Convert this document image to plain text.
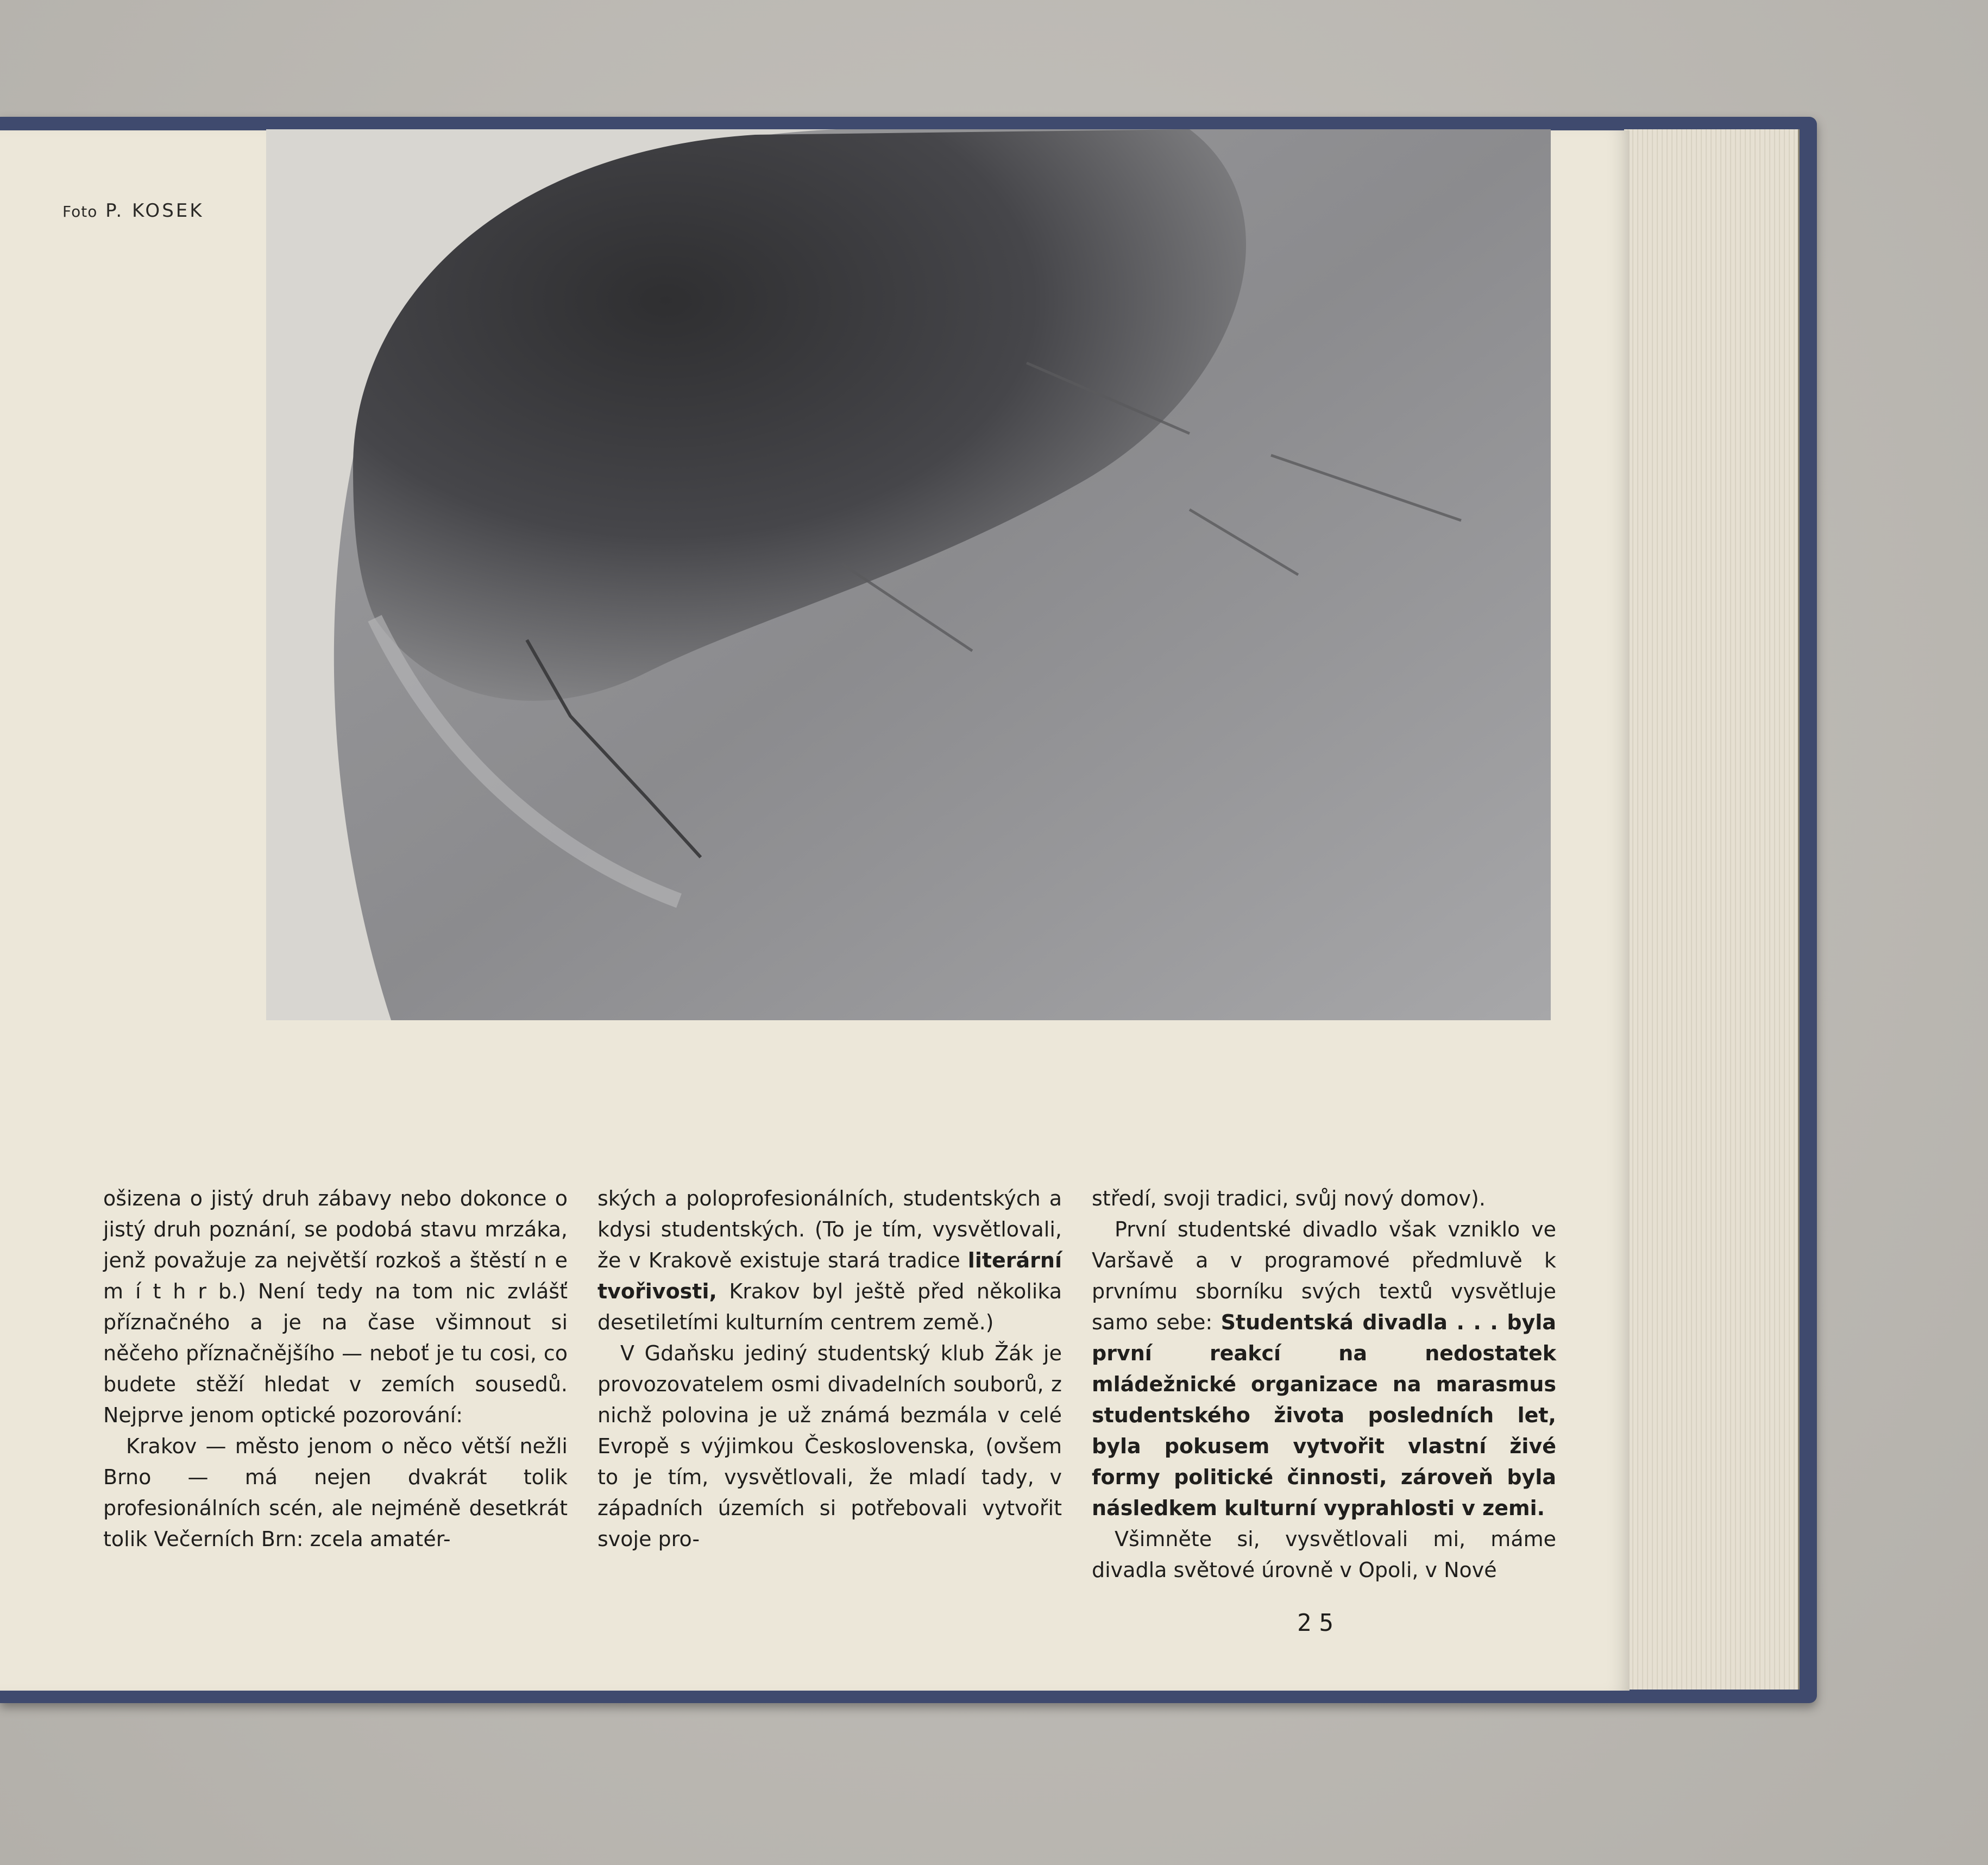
Foto P. KOSEK

ošizena o jistý druh zábavy nebo dokonce o jistý druh poznání, se podobá stavu mrzáka, jenž považuje za největší rozkoš a štěstí n e m í t h r b.) Není tedy na tom nic zvlášť příznačného a je na čase všimnout si něčeho příznačnějšího — neboť je tu cosi, co budete stěží hledat v zemích sousedů. Nejprve jenom optické pozorování:

Krakov — město jenom o něco větší nežli Brno — má nejen dvakrát tolik profesionálních scén, ale nejméně desetkrát tolik Večerních Brn: zcela amatér-

ských a poloprofesionálních, studentských a kdysi studentských. (To je tím, vysvětlovali, že v Krakově existuje stará tradice literární tvořivosti, Krakov byl ještě před několika desetiletími kulturním centrem země.)

V Gdaňsku jediný studentský klub Žák je provozovatelem osmi divadelních souborů, z nichž polovina je už známá bezmála v celé Evropě s výjimkou Československa, (ovšem to je tím, vysvětlovali, že mladí tady, v západních územích si potřebovali vytvořit svoje pro-

středí, svoji tradici, svůj nový domov).

První studentské divadlo však vzniklo ve Varšavě a v programové předmluvě k prvnímu sborníku svých textů vysvětluje samo sebe: Studentská divadla . . . byla první reakcí na nedostatek mládežnické organizace na marasmus studentského života posledních let, byla pokusem vytvořit vlastní živé formy politické činnosti, zároveň byla následkem kulturní vyprahlosti v zemi.

Všimněte si, vysvětlovali mi, máme divadla světové úrovně v Opoli, v Nové

25
